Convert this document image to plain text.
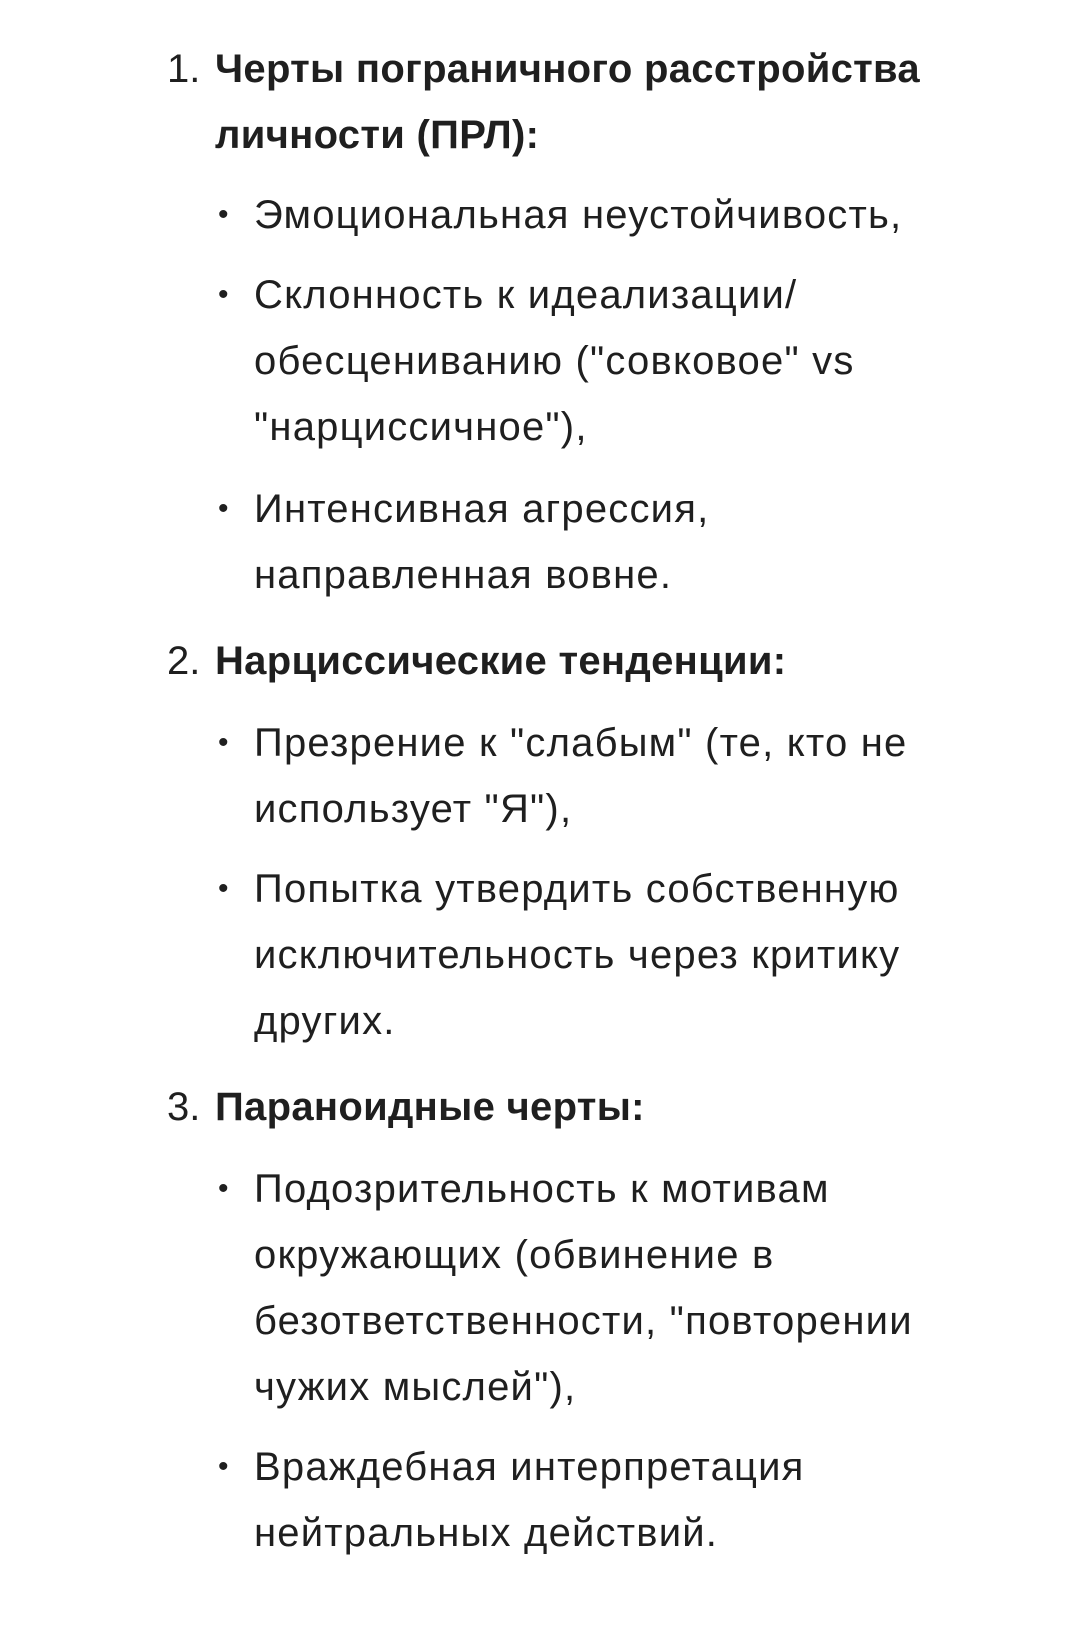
1. Черты пограничного расстройства личности (ПРЛ):
• Эмоциональная неустойчивость,
• Склонность к идеализации/ обесцениванию ("совковое" vs "нарциссичное"),
• Интенсивная агрессия, направленная вовне.
2. Нарциссические тенденции:
• Презрение к "слабым" (те, кто не использует "Я"),
• Попытка утвердить собственную исключительность через критику других.
3. Параноидные черты:
• Подозрительность к мотивам окружающих (обвинение в безответственности, "повторении чужих мыслей"),
• Враждебная интерпретация нейтральных действий.
